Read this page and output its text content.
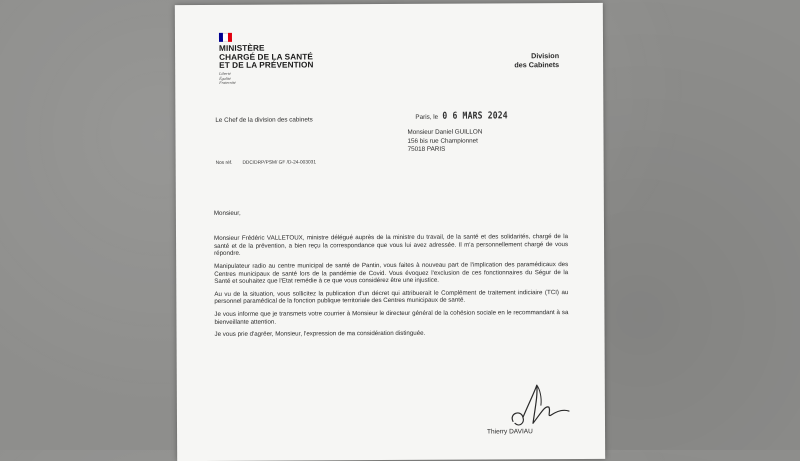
MINISTÈRE
CHARGÉ DE LA SANTÉ
ET DE LA PRÉVENTION
Liberté
Égalité
Fraternité
Division
des Cabinets
Le Chef de la division des cabinets	Paris, le 0 6 MARS 2024
Monsieur Daniel GUILLON
156 bis rue Championnet
75018 PARIS
Nos réf. DDC/DRP/PSM/ GF /D-24-003031

Monsieur,

Monsieur Frédéric VALLETOUX, ministre délégué auprès de la ministre du travail, de la santé et des solidarités, chargé de la santé et de la prévention, a bien reçu la correspondance que vous lui avez adressée. Il m'a personnellement chargé de vous répondre.

Manipulateur radio au centre municipal de santé de Pantin, vous faites à nouveau part de l'implication des paramédicaux des Centres municipaux de santé lors de la pandémie de Covid. Vous évoquez l'exclusion de ces fonctionnaires du Ségur de la Santé et souhaitez que l'Etat remédie à ce que vous considérez être une injustice.

Au vu de la situation, vous sollicitez la publication d'un décret qui attribuerait le Complément de traitement indiciaire (TCI) au personnel paramédical de la fonction publique territoriale des Centres municipaux de santé.

Je vous informe que je transmets votre courrier à Monsieur le directeur général de la cohésion sociale en le recommandant à sa bienveillante attention.

Je vous prie d'agréer, Monsieur, l'expression de ma considération distinguée.

Thierry DAVIAU
